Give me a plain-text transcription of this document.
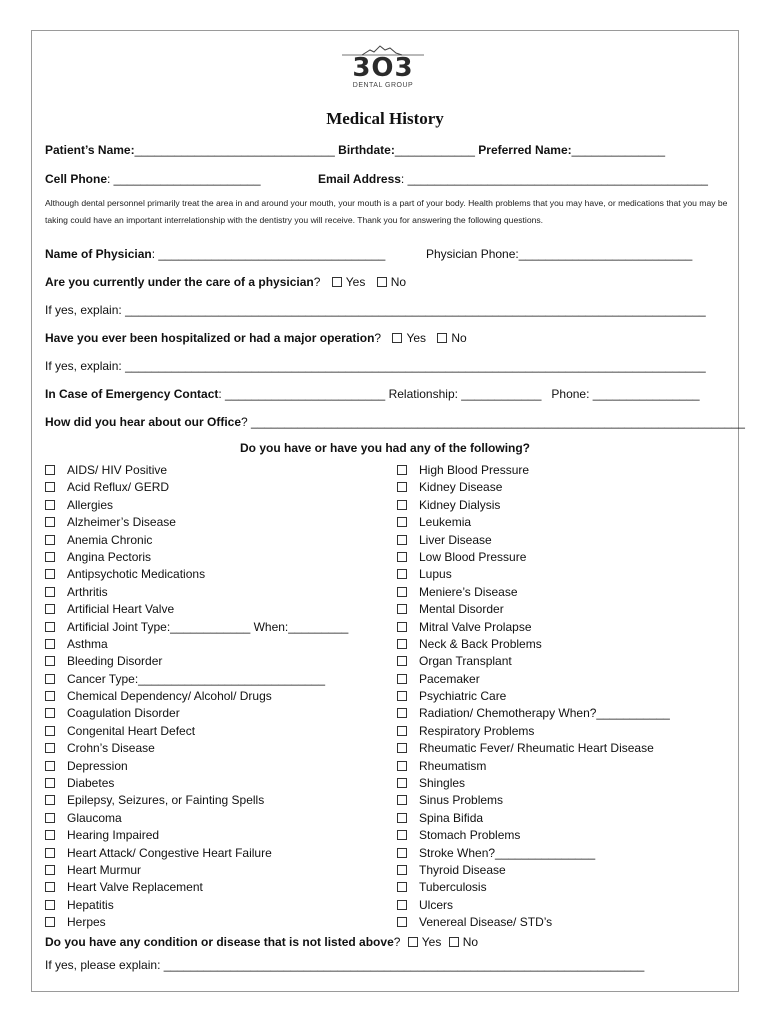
3O3
DENTAL GROUP
Medical History
Patient’s Name:______________________________ Birthdate:____________ Preferred Name:______________
Cell Phone: ______________________	Email Address: _____________________________________________
Although dental personnel primarily treat the area in and around your mouth, your mouth is a part of your body. Health problems that you may have, or medications that you may be taking could have an important interrelationship with the dentistry you will receive. Thank you for answering the following questions.
Name of Physician: __________________________________	Physician Phone:__________________________
Are you currently under the care of a physician? Yes No
If yes, explain: _______________________________________________________________________________________
Have you ever been hospitalized or had a major operation? Yes No
If yes, explain: _______________________________________________________________________________________
In Case of Emergency Contact: ________________________ Relationship: ____________ Phone: ________________
How did you hear about our Office? __________________________________________________________________________
Do you have or have you had any of the following?
AIDS/ HIV Positive
Acid Reflux/ GERD
Allergies
Alzheimer’s Disease
Anemia Chronic
Angina Pectoris
Antipsychotic Medications
Arthritis
Artificial Heart Valve
Artificial Joint Type:____________ When:_________
Asthma
Bleeding Disorder
Cancer Type:____________________________
Chemical Dependency/ Alcohol/ Drugs
Coagulation Disorder
Congenital Heart Defect
Crohn’s Disease
Depression
Diabetes
Epilepsy, Seizures, or Fainting Spells
Glaucoma
Hearing Impaired
Heart Attack/ Congestive Heart Failure
Heart Murmur
Heart Valve Replacement
Hepatitis
Herpes
High Blood Pressure
Kidney Disease
Kidney Dialysis
Leukemia
Liver Disease
Low Blood Pressure
Lupus
Meniere’s Disease
Mental Disorder
Mitral Valve Prolapse
Neck & Back Problems
Organ Transplant
Pacemaker
Psychiatric Care
Radiation/ Chemotherapy When?___________
Respiratory Problems
Rheumatic Fever/ Rheumatic Heart Disease
Rheumatism
Shingles
Sinus Problems
Spina Bifida
Stomach Problems
Stroke When?_______________
Thyroid Disease
Tuberculosis
Ulcers
Venereal Disease/ STD’s
Do you have any condition or disease that is not listed above? Yes No
If yes, please explain: ________________________________________________________________________
